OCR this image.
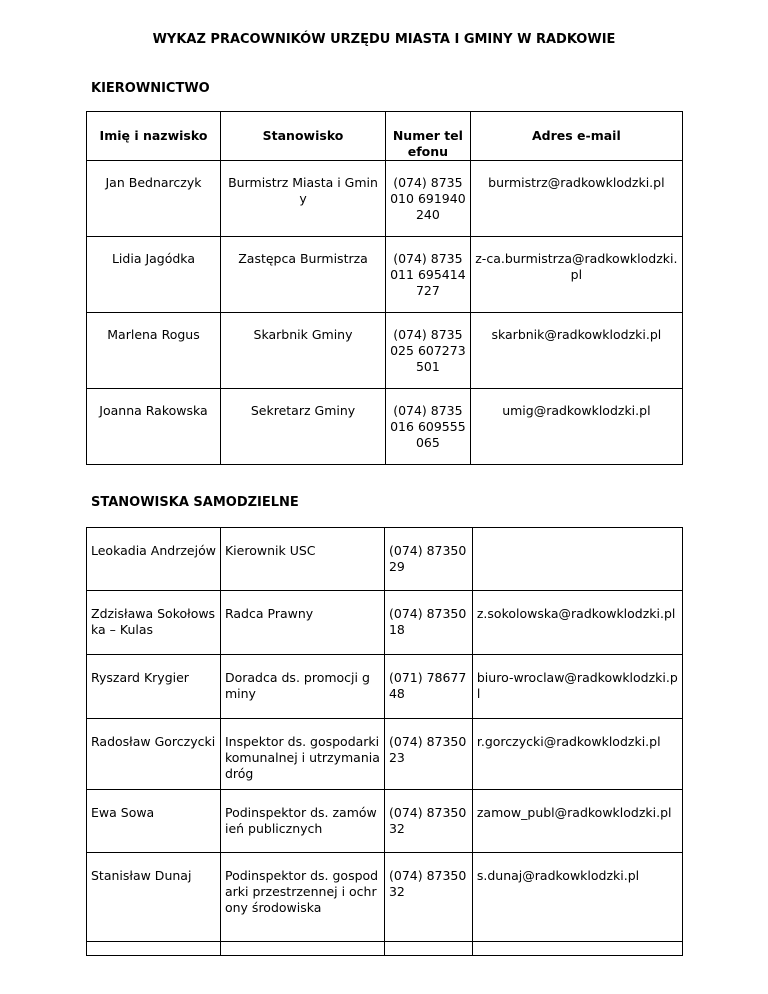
WYKAZ PRACOWNIKÓW URZĘDU MIASTA I GMINY W RADKOWIE
KIEROWNICTWO
Imię i nazwisko	Stanowisko	Numer telefonu	Adres e-mail
Jan Bednarczyk	Burmistrz Miasta i Gminy	(074) 8735010 691940240	burmistrz@radkowklodzki.pl
Lidia Jagódka	Zastępca Burmistrza	(074) 8735011 695414727	z-ca.burmistrza@radkowklodzki.pl
Marlena Rogus	Skarbnik Gminy	(074) 8735025 607273501	skarbnik@radkowklodzki.pl
Joanna Rakowska	Sekretarz Gminy	(074) 8735016 609555065	umig@radkowklodzki.pl
STANOWISKA SAMODZIELNE
Leokadia Andrzejów	Kierownik USC	(074) 8735029	
Zdzisława Sokołowska – Kulas	Radca Prawny	(074) 8735018	z.sokolowska@radkowklodzki.pl
Ryszard Krygier	Doradca ds. promocji gminy	(071) 7867748	biuro-wroclaw@radkowklodzki.pl
Radosław Gorczycki	Inspektor ds. gospodarki komunalnej i utrzymania dróg	(074) 8735023	r.gorczycki@radkowklodzki.pl
Ewa Sowa	Podinspektor ds. zamówień publicznych	(074) 8735032	zamow_publ@radkowklodzki.pl
Stanisław Dunaj	Podinspektor ds. gospodarki przestrzennej i ochrony środowiska	(074) 8735032	s.dunaj@radkowklodzki.pl
